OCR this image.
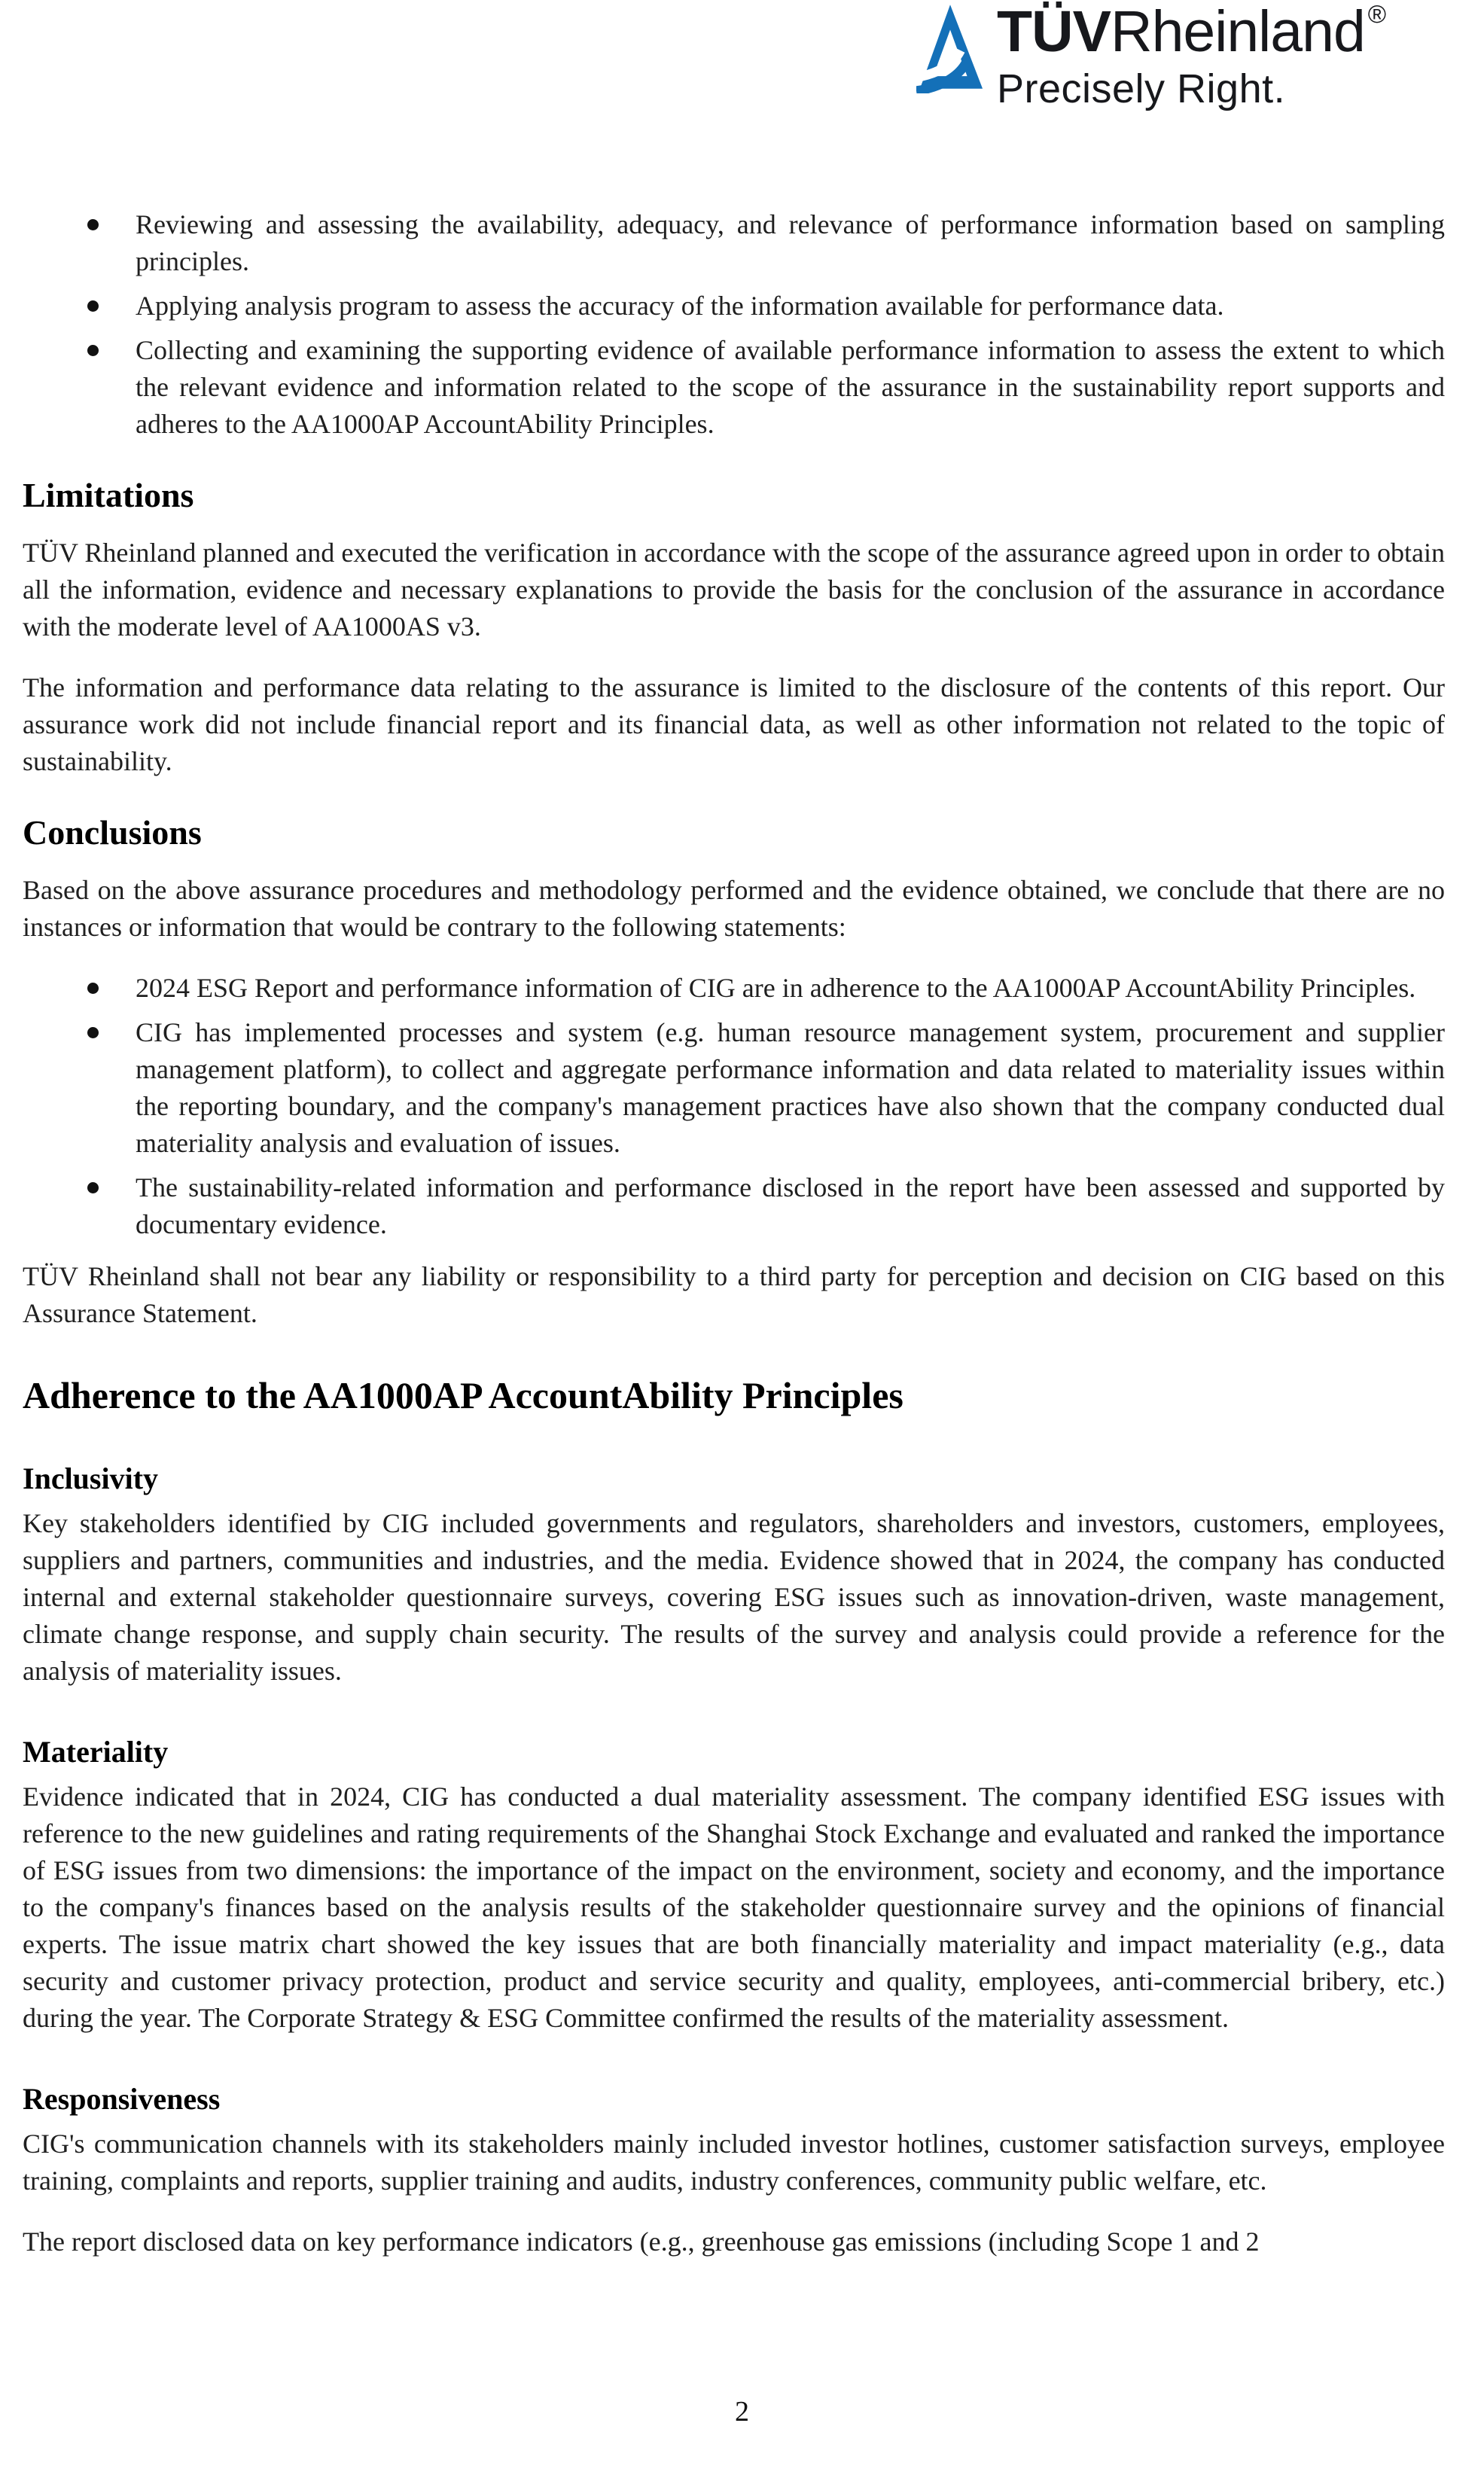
TÜVRheinland ®
Precisely Right.
Reviewing and assessing the availability, adequacy, and relevance of performance information based on sampling principles.
Applying analysis program to assess the accuracy of the information available for performance data.
Collecting and examining the supporting evidence of available performance information to assess the extent to which the relevant evidence and information related to the scope of the assurance in the sustainability report supports and adheres to the AA1000AP AccountAbility Principles.
Limitations

TÜV Rheinland planned and executed the verification in accordance with the scope of the assurance agreed upon in order to obtain all the information, evidence and necessary explanations to provide the basis for the conclusion of the assurance in accordance with the moderate level of AA1000AS v3.

The information and performance data relating to the assurance is limited to the disclosure of the contents of this report. Our assurance work did not include financial report and its financial data, as well as other information not related to the topic of sustainability.

Conclusions

Based on the above assurance procedures and methodology performed and the evidence obtained, we conclude that there are no instances or information that would be contrary to the following statements:

2024 ESG Report and performance information of CIG are in adherence to the AA1000AP AccountAbility Principles.
CIG has implemented processes and system (e.g. human resource management system, procurement and supplier management platform), to collect and aggregate performance information and data related to materiality issues within the reporting boundary, and the company's management practices have also shown that the company conducted dual materiality analysis and evaluation of issues.
The sustainability-related information and performance disclosed in the report have been assessed and supported by documentary evidence.

TÜV Rheinland shall not bear any liability or responsibility to a third party for perception and decision on CIG based on this Assurance Statement.

Adherence to the AA1000AP AccountAbility Principles
Inclusivity

Key stakeholders identified by CIG included governments and regulators, shareholders and investors, customers, employees, suppliers and partners, communities and industries, and the media. Evidence showed that in 2024, the company has conducted internal and external stakeholder questionnaire surveys, covering ESG issues such as innovation-driven, waste management, climate change response, and supply chain security. The results of the survey and analysis could provide a reference for the analysis of materiality issues.

Materiality

Evidence indicated that in 2024, CIG has conducted a dual materiality assessment. The company identified ESG issues with reference to the new guidelines and rating requirements of the Shanghai Stock Exchange and evaluated and ranked the importance of ESG issues from two dimensions: the importance of the impact on the environment, society and economy, and the importance to the company's finances based on the analysis results of the stakeholder questionnaire survey and the opinions of financial experts. The issue matrix chart showed the key issues that are both financially materiality and impact materiality (e.g., data security and customer privacy protection, product and service security and quality, employees, anti-commercial bribery, etc.) during the year. The Corporate Strategy & ESG Committee confirmed the results of the materiality assessment.

Responsiveness

CIG's communication channels with its stakeholders mainly included investor hotlines, customer satisfaction surveys, employee training, complaints and reports, supplier training and audits, industry conferences, community public welfare, etc.

The report disclosed data on key performance indicators (e.g., greenhouse gas emissions (including Scope 1 and 2

2
